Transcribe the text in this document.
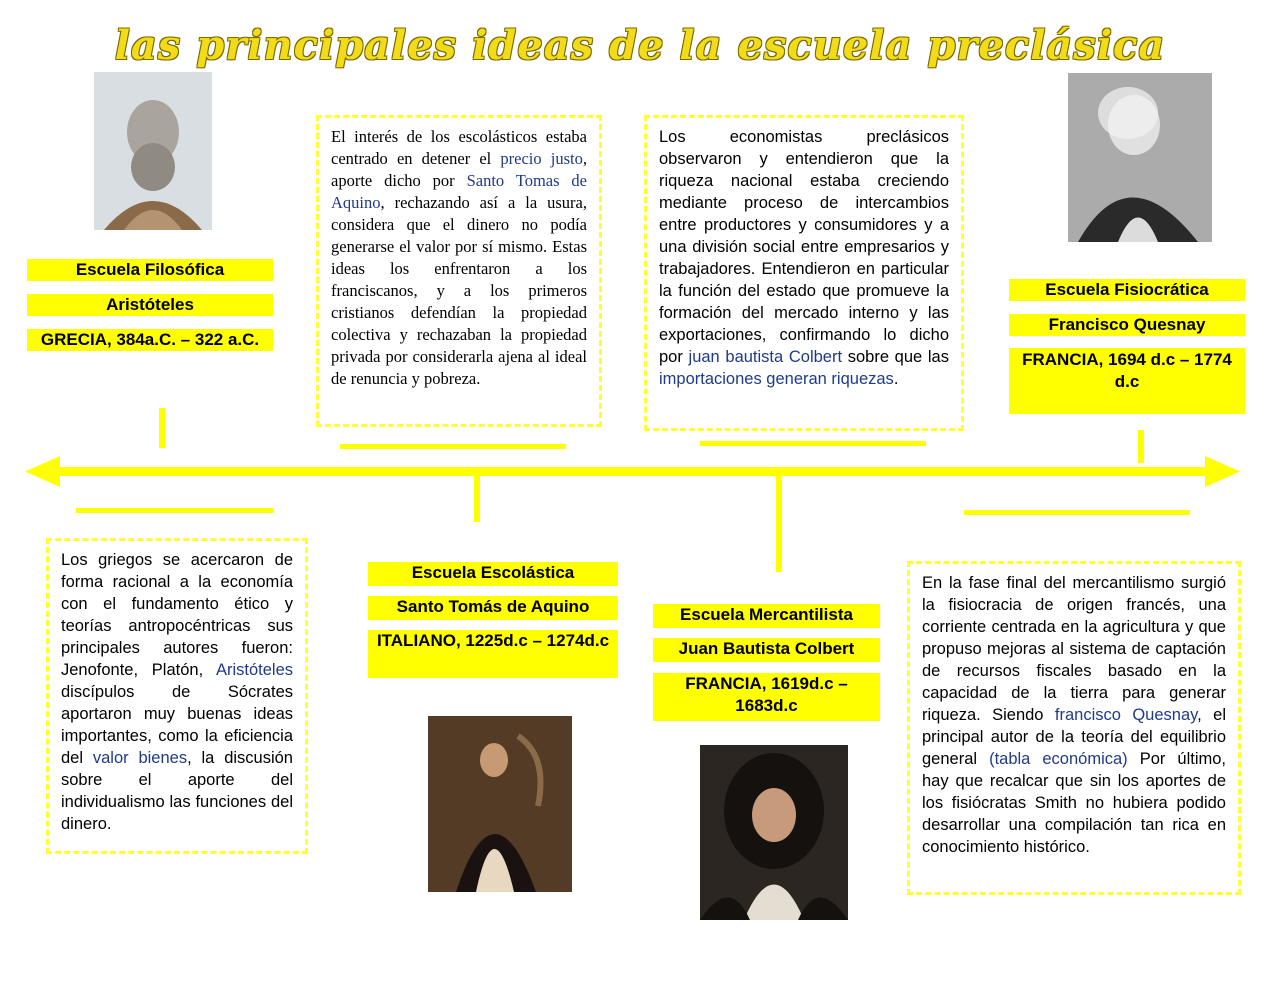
las principales ideas de la escuela preclásica
Escuela Filosófica
Aristóteles
GRECIA, 384a.C. – 322 a.C.
Escuela Fisiocrática
Francisco Quesnay
FRANCIA, 1694 d.c – 1774 d.c
Escuela Escolástica
Santo Tomás de Aquino
ITALIANO, 1225d.c – 1274d.c
Escuela Mercantilista
Juan Bautista Colbert
FRANCIA, 1619d.c – 1683d.c
El interés de los escolásticos estaba centrado en detener el precio justo, aporte dicho por Santo Tomas de Aquino, rechazando así a la usura, considera que el dinero no podía generarse el valor por sí mismo. Estas ideas los enfrentaron a los franciscanos, y a los primeros cristianos defendían la propiedad colectiva y rechazaban la propiedad privada por considerarla ajena al ideal de renuncia y pobreza.
Los economistas preclásicos observaron y entendieron que la riqueza nacional estaba creciendo mediante proceso de intercambios entre productores y consumidores y a una división social entre empresarios y trabajadores. Entendieron en particular la función del estado que promueve la formación del mercado interno y las exportaciones, confirmando lo dicho por juan bautista Colbert sobre que las importaciones generan riquezas.
Los griegos se acercaron de forma racional a la economía con el fundamento ético y teorías antropocéntricas sus principales autores fueron: Jenofonte, Platón, Aristóteles discípulos de Sócrates aportaron muy buenas ideas importantes, como la eficiencia del valor bienes, la discusión sobre el aporte del individualismo las funciones del dinero.
En la fase final del mercantilismo surgió la fisiocracia de origen francés, una corriente centrada en la agricultura y que propuso mejoras al sistema de captación de recursos fiscales basado en la capacidad de la tierra para generar riqueza. Siendo francisco Quesnay, el principal autor de la teoría del equilibrio general (tabla económica) Por último, hay que recalcar que sin los aportes de los fisiócratas Smith no hubiera podido desarrollar una compilación tan rica en conocimiento histórico.
